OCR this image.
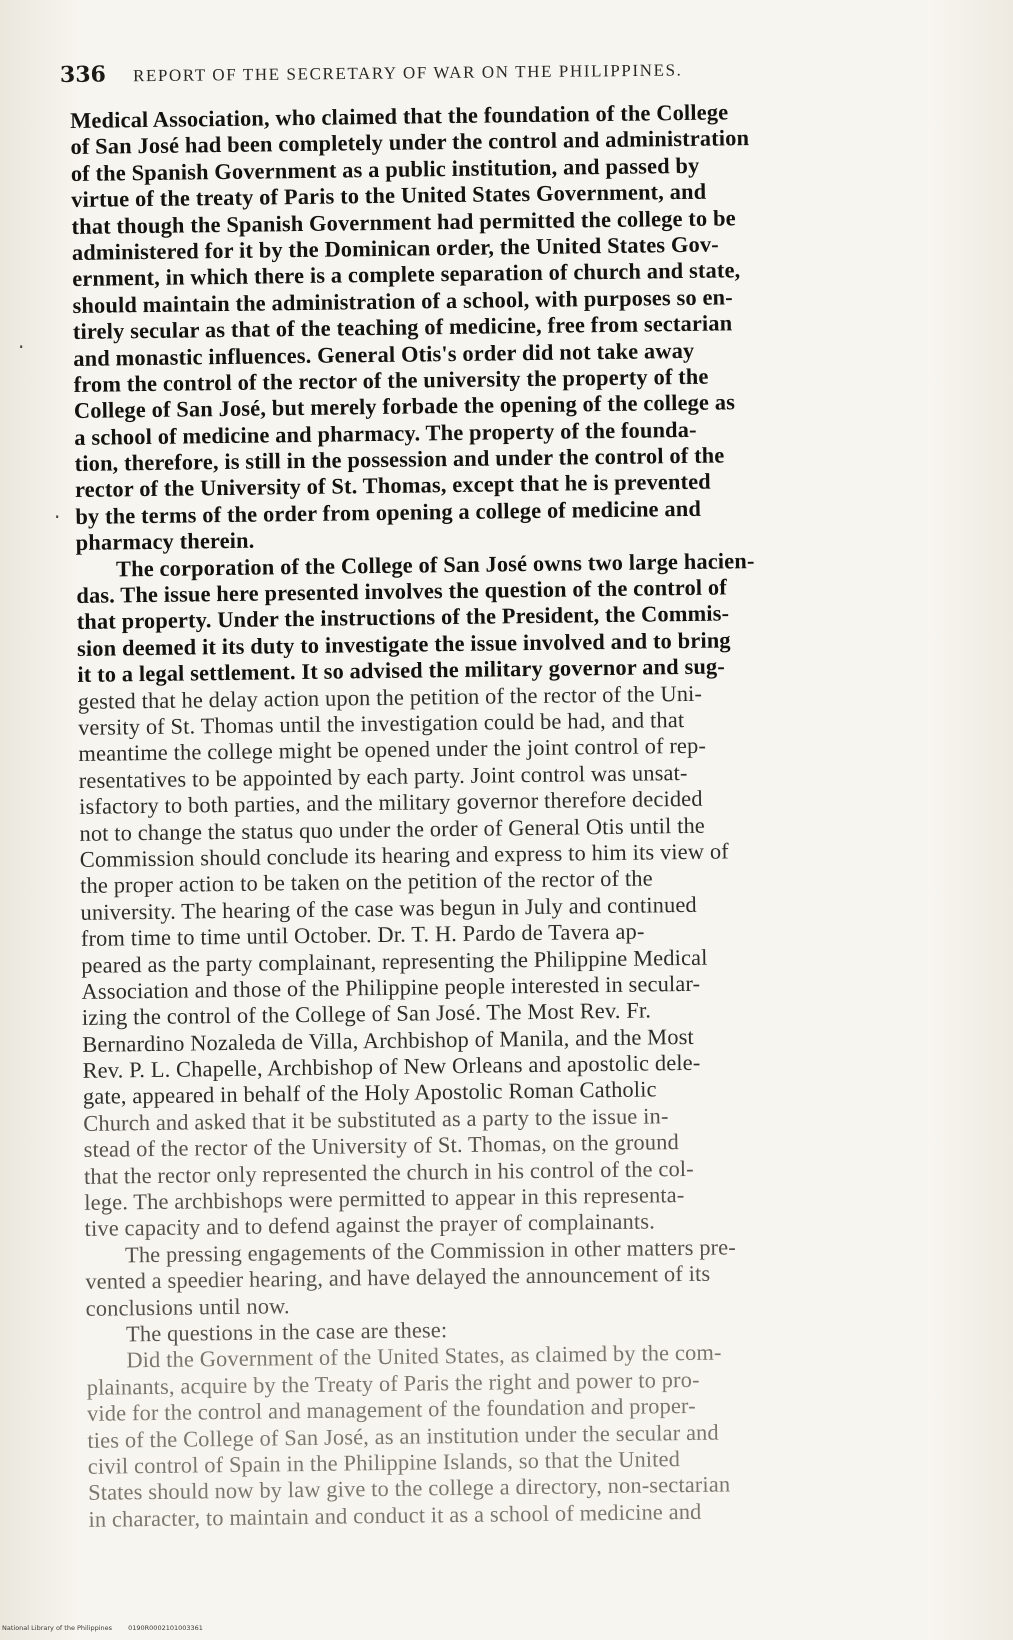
336 REPORT OF THE SECRETARY OF WAR ON THE PHILIPPINES.
·
·
Medical Association, who claimed that the foundation of the College
of San José had been completely under the control and administration
of the Spanish Government as a public institution, and passed by
virtue of the treaty of Paris to the United States Government, and
that though the Spanish Government had permitted the college to be
administered for it by the Dominican order, the United States Gov-
ernment, in which there is a complete separation of church and state,
should maintain the administration of a school, with purposes so en-
tirely secular as that of the teaching of medicine, free from sectarian
and monastic influences. General Otis's order did not take away
from the control of the rector of the university the property of the
College of San José, but merely forbade the opening of the college as
a school of medicine and pharmacy. The property of the founda-
tion, therefore, is still in the possession and under the control of the
rector of the University of St. Thomas, except that he is prevented
by the terms of the order from opening a college of medicine and
pharmacy therein.
The corporation of the College of San José owns two large hacien-
das. The issue here presented involves the question of the control of
that property. Under the instructions of the President, the Commis-
sion deemed it its duty to investigate the issue involved and to bring
it to a legal settlement. It so advised the military governor and sug-
gested that he delay action upon the petition of the rector of the Uni-
versity of St. Thomas until the investigation could be had, and that
meantime the college might be opened under the joint control of rep-
resentatives to be appointed by each party. Joint control was unsat-
isfactory to both parties, and the military governor therefore decided
not to change the status quo under the order of General Otis until the
Commission should conclude its hearing and express to him its view of
the proper action to be taken on the petition of the rector of the
university. The hearing of the case was begun in July and continued
from time to time until October. Dr. T. H. Pardo de Tavera ap-
peared as the party complainant, representing the Philippine Medical
Association and those of the Philippine people interested in secular-
izing the control of the College of San José. The Most Rev. Fr.
Bernardino Nozaleda de Villa, Archbishop of Manila, and the Most
Rev. P. L. Chapelle, Archbishop of New Orleans and apostolic dele-
gate, appeared in behalf of the Holy Apostolic Roman Catholic
Church and asked that it be substituted as a party to the issue in-
stead of the rector of the University of St. Thomas, on the ground
that the rector only represented the church in his control of the col-
lege. The archbishops were permitted to appear in this representa-
tive capacity and to defend against the prayer of complainants.
The pressing engagements of the Commission in other matters pre-
vented a speedier hearing, and have delayed the announcement of its
conclusions until now.
The questions in the case are these:
Did the Government of the United States, as claimed by the com-
plainants, acquire by the Treaty of Paris the right and power to pro-
vide for the control and management of the foundation and proper-
ties of the College of San José, as an institution under the secular and
civil control of Spain in the Philippine Islands, so that the United
States should now by law give to the college a directory, non-sectarian
in character, to maintain and conduct it as a school of medicine and
National Library of the Philippines 0190R0002101003361
